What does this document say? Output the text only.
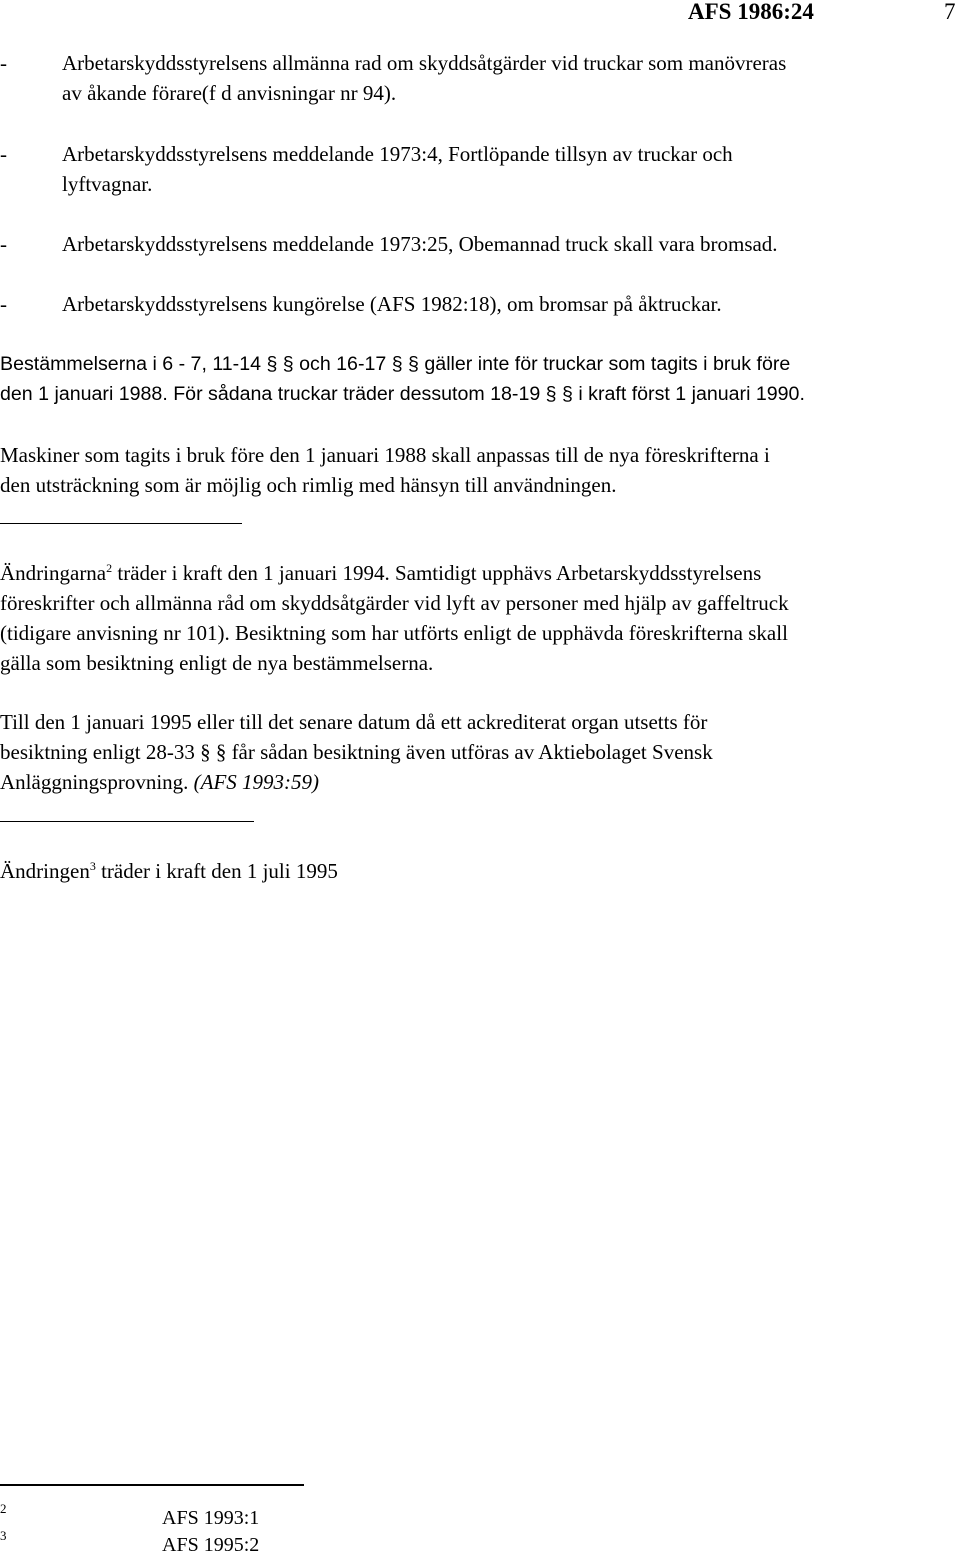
AFS 1986:24	7
-	Arbetarskyddsstyrelsens allmänna rad om skyddsåtgärder vid truckar som manövreras
av åkande förare(f d anvisningar nr 94).
-	Arbetarskyddsstyrelsens meddelande 1973:4, Fortlöpande tillsyn av truckar och
lyftvagnar.
-	Arbetarskyddsstyrelsens meddelande 1973:25, Obemannad truck skall vara bromsad.
-	Arbetarskyddsstyrelsens kungörelse (AFS 1982:18), om bromsar på åktruckar.
Bestämmelserna i 6 - 7, 11-14 § § och 16-17 § § gäller inte för truckar som tagits i bruk före
den 1 januari 1988. För sådana truckar träder dessutom 18-19 § § i kraft först 1 januari 1990.
Maskiner som tagits i bruk före den 1 januari 1988 skall anpassas till de nya föreskrifterna i
den utsträckning som är möjlig och rimlig med hänsyn till användningen.
Ändringarna$^2$ träder i kraft den 1 januari 1994. Samtidigt upphävs Arbetarskyddsstyrelsens
föreskrifter och allmänna råd om skyddsåtgärder vid lyft av personer med hjälp av gaffeltruck
(tidigare anvisning nr 101). Besiktning som har utförts enligt de upphävda föreskrifterna skall
gälla som besiktning enligt de nya bestämmelserna.
Till den 1 januari 1995 eller till det senare datum då ett ackrediterat organ utsetts för
besiktning enligt 28-33 § § får sådan besiktning även utföras av Aktiebolaget Svensk
Anläggningsprovning. (AFS 1993:59)
Ändringen$^3$ träder i kraft den 1 juli 1995
2	AFS 1993:1
3	AFS 1995:2
